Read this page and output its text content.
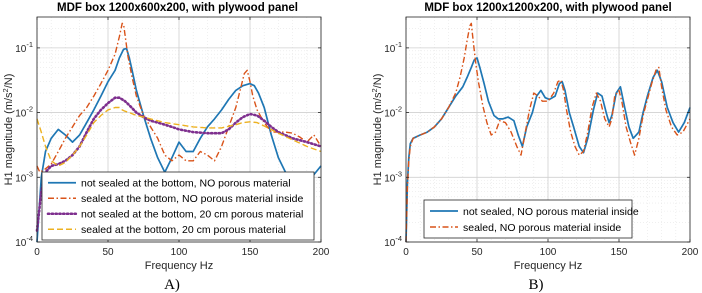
MDF box 1200x600x200, with plywood panel
0	50	100	150	200
$10^{-4}$
$10^{-3}$
$10^{-2}$
$10^{-1}$
Frequency Hz
H1 magnitude $(m/s^2/N)$
not sealed at the bottom, NO porous material
sealed at the bottom, NO porous material inside
not sealed at the bottom, 20 cm porous material
sealed at the bottom, 20 cm porous material
A)
MDF box 1200x1200x200, with plywood panel
0	50	100	150	200
$10^{-4}$
$10^{-3}$
$10^{-2}$
$10^{-1}$
Frequency Hz
H1 magnitude $(m/s^2/N)$
not sealed, NO porous material inside
sealed, NO porous material inside
B)
